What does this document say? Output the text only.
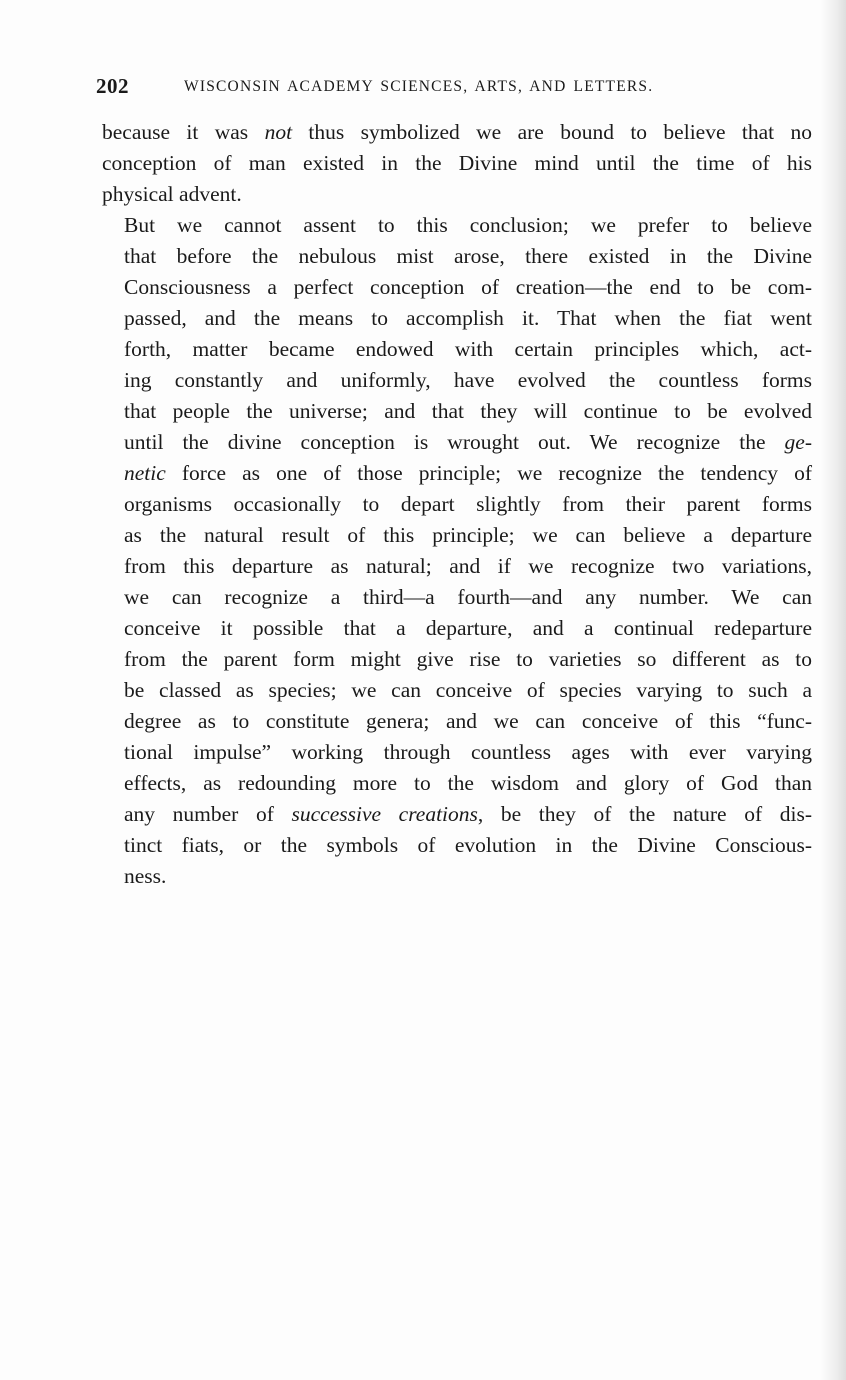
202	WISCONSIN ACADEMY SCIENCES, ARTS, AND LETTERS.

because it was not thus symbolized we are bound to believe that no
conception of man existed in the Divine mind until the time of his
physical advent.

But we cannot assent to this conclusion; we prefer to believe
that before the nebulous mist arose, there existed in the Divine
Consciousness a perfect conception of creation—the end to be com-
passed, and the means to accomplish it. That when the fiat went
forth, matter became endowed with certain principles which, act-
ing constantly and uniformly, have evolved the countless forms
that people the universe; and that they will continue to be evolved
until the divine conception is wrought out. We recognize the ge-
netic force as one of those principle; we recognize the tendency of
organisms occasionally to depart slightly from their parent forms
as the natural result of this principle; we can believe a departure
from this departure as natural; and if we recognize two variations,
we can recognize a third—a fourth—and any number. We can
conceive it possible that a departure, and a continual redeparture
from the parent form might give rise to varieties so different as to
be classed as species; we can conceive of species varying to such a
degree as to constitute genera; and we can conceive of this “func-
tional impulse” working through countless ages with ever varying
effects, as redounding more to the wisdom and glory of God than
any number of successive creations, be they of the nature of dis-
tinct fiats, or the symbols of evolution in the Divine Conscious-
ness.
